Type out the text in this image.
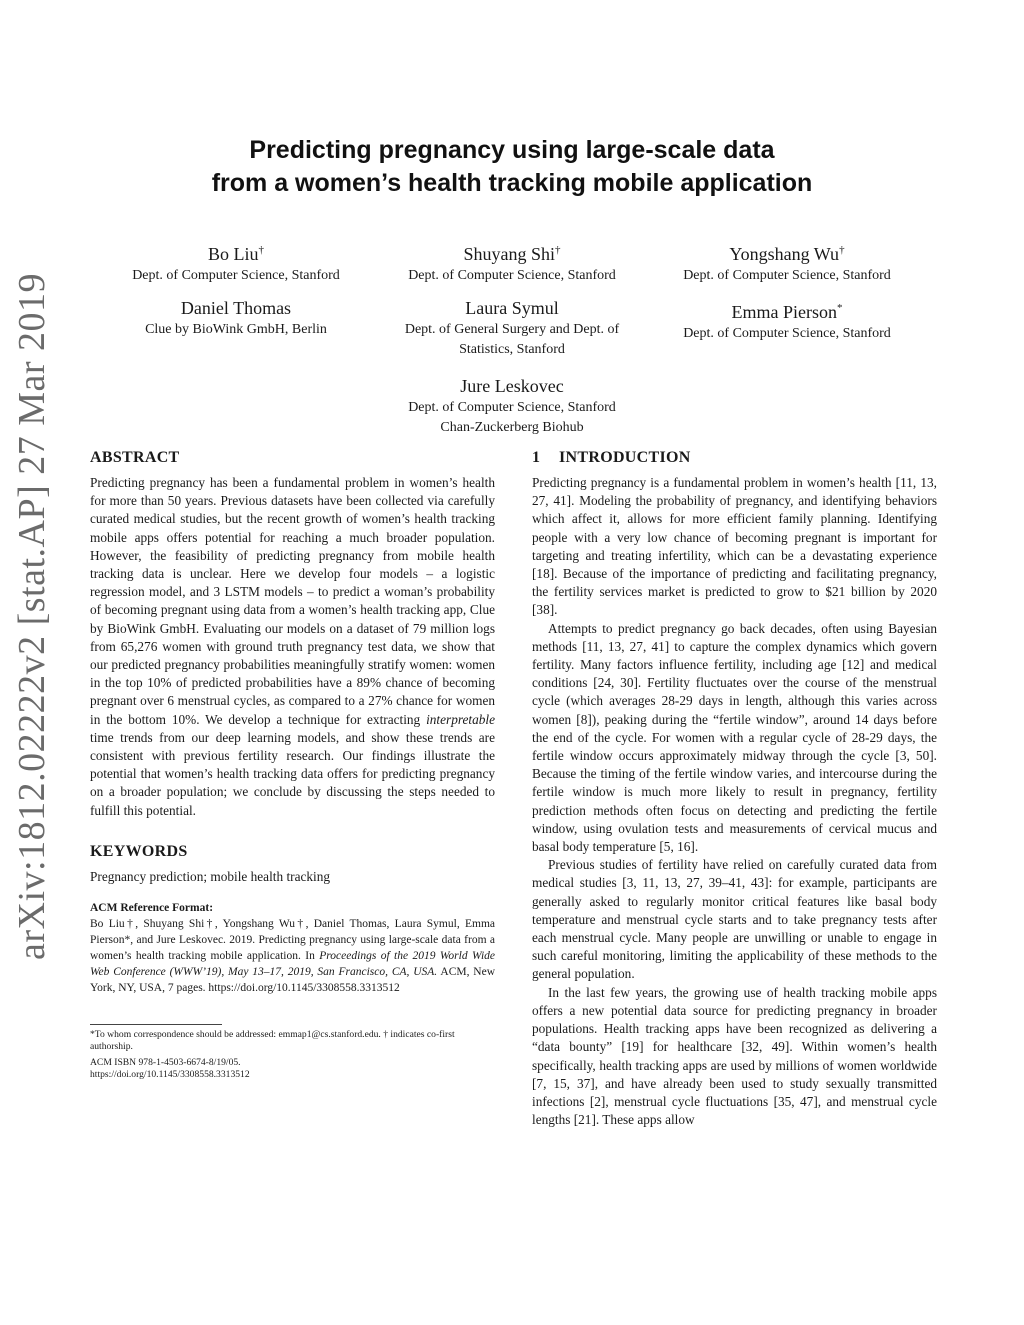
arXiv:1812.02222v2 [stat.AP] 27 Mar 2019
Predicting pregnancy using large-scale data
from a women’s health tracking mobile application
Bo Liu†
Dept. of Computer Science, Stanford
Shuyang Shi†
Dept. of Computer Science, Stanford
Yongshang Wu†
Dept. of Computer Science, Stanford
Daniel Thomas
Clue by BioWink GmbH, Berlin
Laura Symul
Dept. of General Surgery and Dept. of Statistics, Stanford
Emma Pierson*
Dept. of Computer Science, Stanford
Jure Leskovec
Dept. of Computer Science, Stanford
Chan-Zuckerberg Biohub
ABSTRACT

Predicting pregnancy has been a fundamental problem in women’s health for more than 50 years. Previous datasets have been collected via carefully curated medical studies, but the recent growth of women’s health tracking mobile apps offers potential for reaching a much broader population. However, the feasibility of predicting pregnancy from mobile health tracking data is unclear. Here we develop four models – a logistic regression model, and 3 LSTM models – to predict a woman’s probability of becoming pregnant using data from a women’s health tracking app, Clue by BioWink GmbH. Evaluating our models on a dataset of 79 million logs from 65,276 women with ground truth pregnancy test data, we show that our predicted pregnancy probabilities meaningfully stratify women: women in the top 10% of predicted probabilities have a 89% chance of becoming pregnant over 6 menstrual cycles, as compared to a 27% chance for women in the bottom 10%. We develop a technique for extracting interpretable time trends from our deep learning models, and show these trends are consistent with previous fertility research. Our findings illustrate the potential that women’s health tracking data offers for predicting pregnancy on a broader population; we conclude by discussing the steps needed to fulfill this potential.

KEYWORDS

Pregnancy prediction; mobile health tracking

ACM Reference Format:

Bo Liu†, Shuyang Shi†, Yongshang Wu†, Daniel Thomas, Laura Symul, Emma Pierson*, and Jure Leskovec. 2019. Predicting pregnancy using large-scale data from a women’s health tracking mobile application. In Proceedings of the 2019 World Wide Web Conference (WWW’19), May 13–17, 2019, San Francisco, CA, USA. ACM, New York, NY, USA, 7 pages. https://doi.org/10.1145/3308558.3313512

*To whom correspondence should be addressed: emmap1@cs.stanford.edu. † indicates co-first authorship.

ACM ISBN 978-1-4503-6674-8/19/05.

https://doi.org/10.1145/3308558.3313512

1 INTRODUCTION

Predicting pregnancy is a fundamental problem in women’s health [11, 13, 27, 41]. Modeling the probability of pregnancy, and identifying behaviors which affect it, allows for more efficient family planning. Identifying people with a very low chance of becoming pregnant is important for targeting and treating infertility, which can be a devastating experience [18]. Because of the importance of predicting and facilitating pregnancy, the fertility services market is predicted to grow to $21 billion by 2020 [38].

Attempts to predict pregnancy go back decades, often using Bayesian methods [11, 13, 27, 41] to capture the complex dynamics which govern fertility. Many factors influence fertility, including age [12] and medical conditions [24, 30]. Fertility fluctuates over the course of the menstrual cycle (which averages 28-29 days in length, although this varies across women [8]), peaking during the “fertile window”, around 14 days before the end of the cycle. For women with a regular cycle of 28-29 days, the fertile window occurs approximately midway through the cycle [3, 50]. Because the timing of the fertile window varies, and intercourse during the fertile window is much more likely to result in pregnancy, fertility prediction methods often focus on detecting and predicting the fertile window, using ovulation tests and measurements of cervical mucus and basal body temperature [5, 16].

Previous studies of fertility have relied on carefully curated data from medical studies [3, 11, 13, 27, 39–41, 43]: for example, participants are generally asked to regularly monitor critical features like basal body temperature and menstrual cycle starts and to take pregnancy tests after each menstrual cycle. Many people are unwilling or unable to engage in such careful monitoring, limiting the applicability of these methods to the general population.

In the last few years, the growing use of health tracking mobile apps offers a new potential data source for predicting pregnancy in broader populations. Health tracking apps have been recognized as delivering a “data bounty” [19] for healthcare [32, 49]. Within women’s health specifically, health tracking apps are used by millions of women worldwide [7, 15, 37], and have already been used to study sexually transmitted infections [2], menstrual cycle fluctuations [35, 47], and menstrual cycle lengths [21]. These apps allow
